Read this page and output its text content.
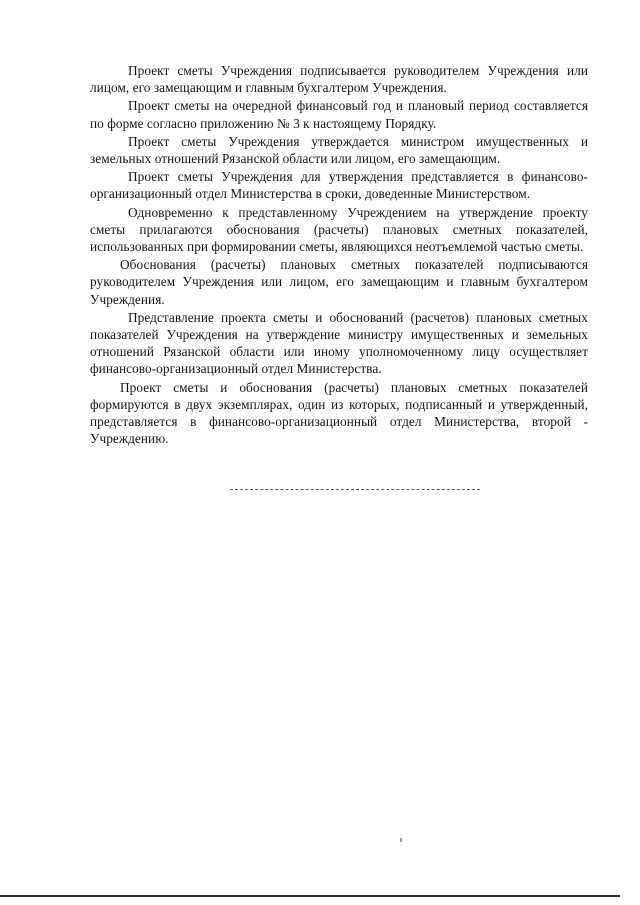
Проект сметы Учреждения подписывается руководителем Учреждения или лицом, его замещающим и главным бухгалтером Учреждения.

Проект сметы на очередной финансовый год и плановый период составляется по форме согласно приложению № 3 к настоящему Порядку.

Проект сметы Учреждения утверждается министром имущественных и земельных отношений Рязанской области или лицом, его замещающим.

Проект сметы Учреждения для утверждения представляется в финансово-организационный отдел Министерства в сроки, доведенные Министерством.

Одновременно к представленному Учреждением на утверждение проекту сметы прилагаются обоснования (расчеты) плановых сметных показателей, использованных при формировании сметы, являющихся неотъемлемой частью сметы.

Обоснования (расчеты) плановых сметных показателей подписываются руководителем Учреждения или лицом, его замещающим и главным бухгалтером Учреждения.

Представление проекта сметы и обоснований (расчетов) плановых сметных показателей Учреждения на утверждение министру имущественных и земельных отношений Рязанской области или иному уполномоченному лицу осуществляет финансово-организационный отдел Министерства.

Проект сметы и обоснования (расчеты) плановых сметных показателей формируются в двух экземплярах, один из которых, подписанный и утвержденный, представляется в финансово-организационный отдел Министерства, второй - Учреждению.
